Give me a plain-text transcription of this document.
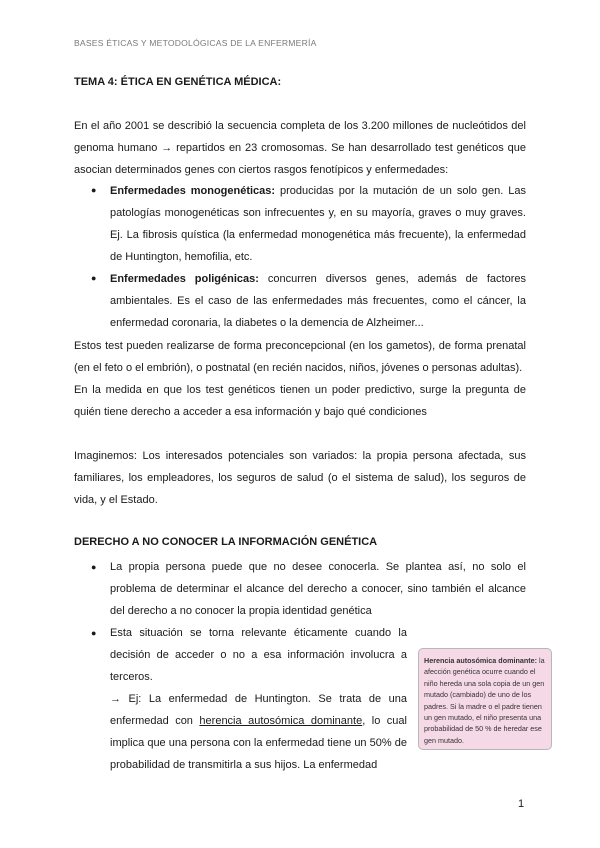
BASES ÉTICAS Y METODOLÓGICAS DE LA ENFERMERÍA
TEMA 4: ÉTICA EN GENÉTICA MÉDICA:
En el año 2001 se describió la secuencia completa de los 3.200 millones de nucleótidos del genoma humano → repartidos en 23 cromosomas. Se han desarrollado test genéticos que asocian determinados genes con ciertos rasgos fenotípicos y enfermedades:
● Enfermedades monogenéticas: producidas por la mutación de un solo gen. Las patologías monogenéticas son infrecuentes y, en su mayoría, graves o muy graves. Ej. La fibrosis quística (la enfermedad monogenética más frecuente), la enfermedad de Huntington, hemofilia, etc.
● Enfermedades poligénicas: concurren diversos genes, además de factores ambientales. Es el caso de las enfermedades más frecuentes, como el cáncer, la enfermedad coronaria, la diabetes o la demencia de Alzheimer...
Estos test pueden realizarse de forma preconcepcional (en los gametos), de forma prenatal (en el feto o el embrión), o postnatal (en recién nacidos, niños, jóvenes o personas adultas).
En la medida en que los test genéticos tienen un poder predictivo, surge la pregunta de quién tiene derecho a acceder a esa información y bajo qué condiciones
Imaginemos: Los interesados potenciales son variados: la propia persona afectada, sus familiares, los empleadores, los seguros de salud (o el sistema de salud), los seguros de vida, y el Estado.
DERECHO A NO CONOCER LA INFORMACIÓN GENÉTICA
● La propia persona puede que no desee conocerla. Se plantea así, no solo el problema de determinar el alcance del derecho a conocer, sino también el alcance del derecho a no conocer la propia identidad genética
● Esta situación se torna relevante éticamente cuando la decisión de acceder o no a esa información involucra a terceros.
→ Ej: La enfermedad de Huntington. Se trata de una enfermedad con herencia autosómica dominante, lo cual implica que una persona con la enfermedad tiene un 50% de probabilidad de transmitirla a sus hijos. La enfermedad
Herencia autosómica dominante: la afección genética ocurre cuando el niño hereda una sola copia de un gen mutado (cambiado) de uno de los padres. Si la madre o el padre tienen un gen mutado, el niño presenta una probabilidad de 50 % de heredar ese gen mutado.
1
